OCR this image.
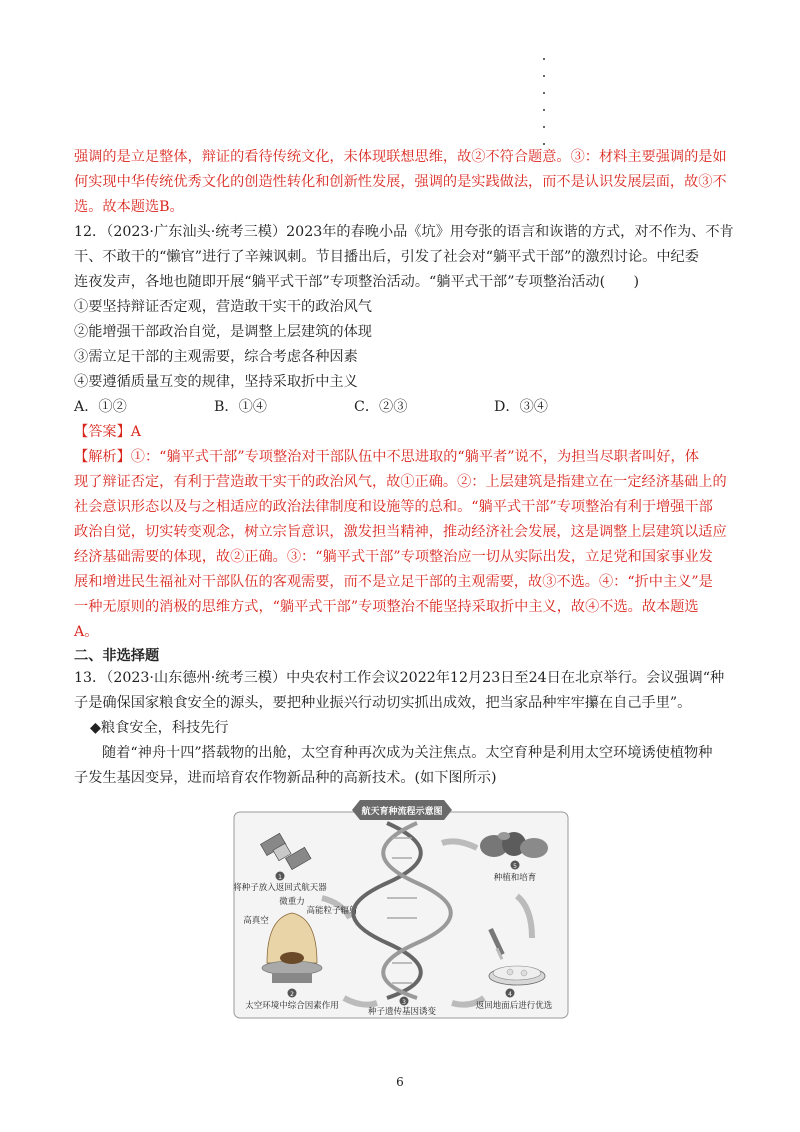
强调的是立足整体，辩证的看待传统文化，未体现联想思维，故②不符合题意。③：材料主要强调的是如
何实现中华传统优秀文化的创造性转化和创新性发展，强调的是实践做法，而不是认识发展层面，故③不
选。故本题选B。
12．（2023·广东汕头·统考三模）2023年的春晚小品《坑》用夸张的语言和诙谐的方式，对不作为、不肯
干、不敢干的“懒官”进行了辛辣讽刺。节目播出后，引发了社会对“躺平式干部”的激烈讨论。中纪委
连夜发声，各地也随即开展“躺平式干部”专项整治活动。“躺平式干部”专项整治活动(　　)
①要坚持辩证否定观，营造敢干实干的政治风气
②能增强干部政治自觉，是调整上层建筑的体现
③需立足干部的主观需要，综合考虑各种因素
④要遵循质量互变的规律，坚持采取折中主义
A．①②	B．①④	C．②③	D．③④
【答案】A
【解析】①：“躺平式干部”专项整治对干部队伍中不思进取的“躺平者”说不，为担当尽职者叫好，体
现了辩证否定，有利于营造敢干实干的政治风气，故①正确。②：上层建筑是指建立在一定经济基础上的
社会意识形态以及与之相适应的政治法律制度和设施等的总和。“躺平式干部”专项整治有利于增强干部
政治自觉，切实转变观念，树立宗旨意识，激发担当精神，推动经济社会发展，这是调整上层建筑以适应
经济基础需要的体现，故②正确。③：“躺平式干部”专项整治应一切从实际出发，立足党和国家事业发
展和增进民生福祉对干部队伍的客观需要，而不是立足干部的主观需要，故③不选。④：“折中主义”是
一种无原则的消极的思维方式，“躺平式干部”专项整治不能坚持采取折中主义，故④不选。故本题选
A。
二、非选择题
13．（2023·山东德州·统考三模）中央农村工作会议2022年12月23日至24日在北京举行。会议强调“种
子是确保国家粮食安全的源头，要把种业振兴行动切实抓出成效，把当家品种牢牢攥在自己手里”。
◆粮食安全，科技先行
随着“神舟十四”搭载物的出舱，太空育种再次成为关注焦点。太空育种是利用太空环境诱使植物种
子发生基因变异，进而培育农作物新品种的高新技术。(如下图所示)
航天育种流程示意图
1
将种子放入返回式航天器
微重力
高真空
高能粒子辐射
2
太空环境中综合因素作用	3
种子遗传基因诱变
4
返回地面后进行优选
5
种植和培育
6
